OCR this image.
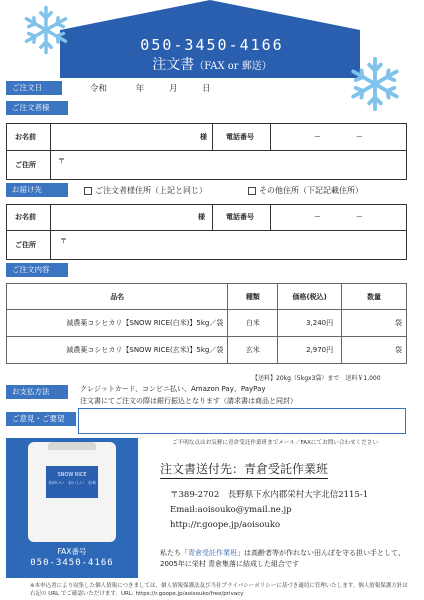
050-3450-4166
注文書（FAX or 郵送）
ご注文日	令和	年	月	日
ご注文者様
お名前	様	電話番号	ー	ー
ご住所	〒
お届け先	ご注文者様住所（上記と同じ）	その他住所（下記記載住所）
お名前	様	電話番号	ー	ー
ご住所	〒
ご注文内容
品名	種類	価格(税込)	数量
減農薬コシヒカリ【SNOW RICE(白米)】5kg／袋	白米	3,240円	袋
減農薬コシヒカリ【SNOW RICE(玄米)】5kg／袋	玄米	2,970円	袋
【送料】20kg（5kgx3袋）まで　送料￥1,000
お支払方法	クレジットカード、コンビニ払い、Amazon Pay、PayPay
注文書にてご注文の際は銀行振込となります（請求書は商品と同封）
ご意見・ご要望
ご不明な点はお気軽に青倉受託作業班までメール／FAXにてお問い合わせください
SNOW RICE
水がいい　おいしい　お米
FAX番号
050-3450-4166
注文書送付先：青倉受託作業班
〒389-2702　長野県下水内郡栄村大字北信2115-1
Email:aoisouko@ymail.ne.jp
http://r.goope.jp/aoisouko
私たち「青倉受託作業班」は高齢者等が作れない田んぼを守る担い手として、2005年に栄村 青倉集落に結成した組合です
※本申込書により収集した個人情報につきましては、個人情報保護法及び当社プライバシーポリシーに基づき適切に管理いたします。個人情報保護方針は右記の URL でご確認いただけます。URL: https://r.goope.jp/aoisouko/free/privacy
